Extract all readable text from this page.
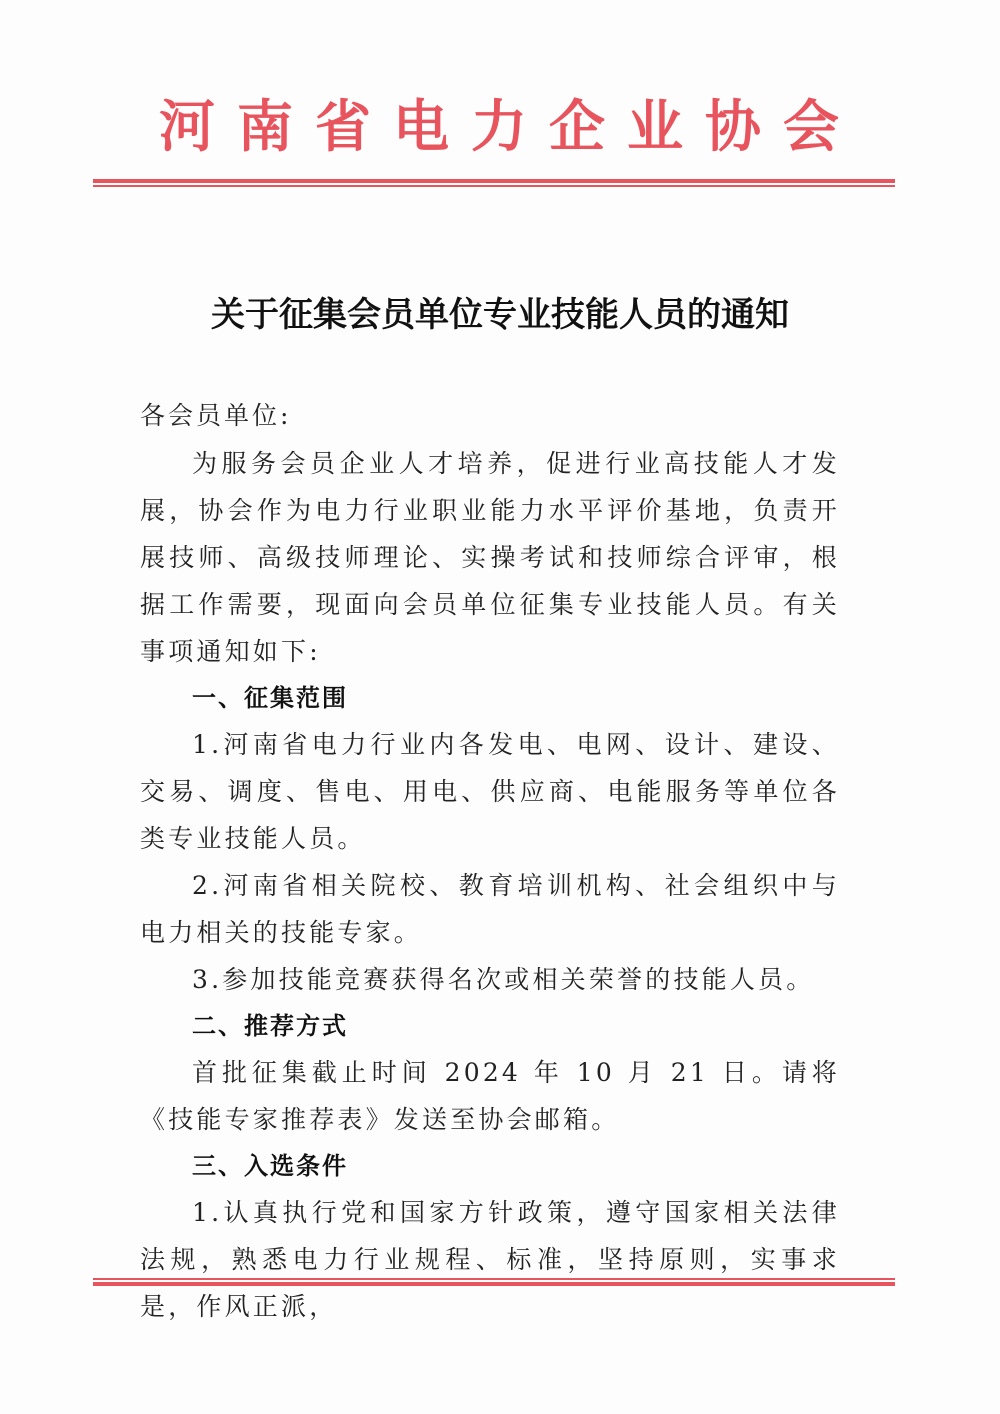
河南省电力企业协会
关于征集会员单位专业技能人员的通知
各会员单位:

为服务会员企业人才培养，促进行业高技能人才发展，协会作为电力行业职业能力水平评价基地，负责开展技师、高级技师理论、实操考试和技师综合评审，根据工作需要，现面向会员单位征集专业技能人员。有关事项通知如下:

一、征集范围

1.河南省电力行业内各发电、电网、设计、建设、交易、调度、售电、用电、供应商、电能服务等单位各类专业技能人员。

2.河南省相关院校、教育培训机构、社会组织中与电力相关的技能专家。

3.参加技能竞赛获得名次或相关荣誉的技能人员。

二、推荐方式

首批征集截止时间 2024 年 10 月 21 日。请将《技能专家推荐表》发送至协会邮箱。

三、入选条件

1.认真执行党和国家方针政策，遵守国家相关法律法规，熟悉电力行业规程、标准，坚持原则，实事求是，作风正派，
